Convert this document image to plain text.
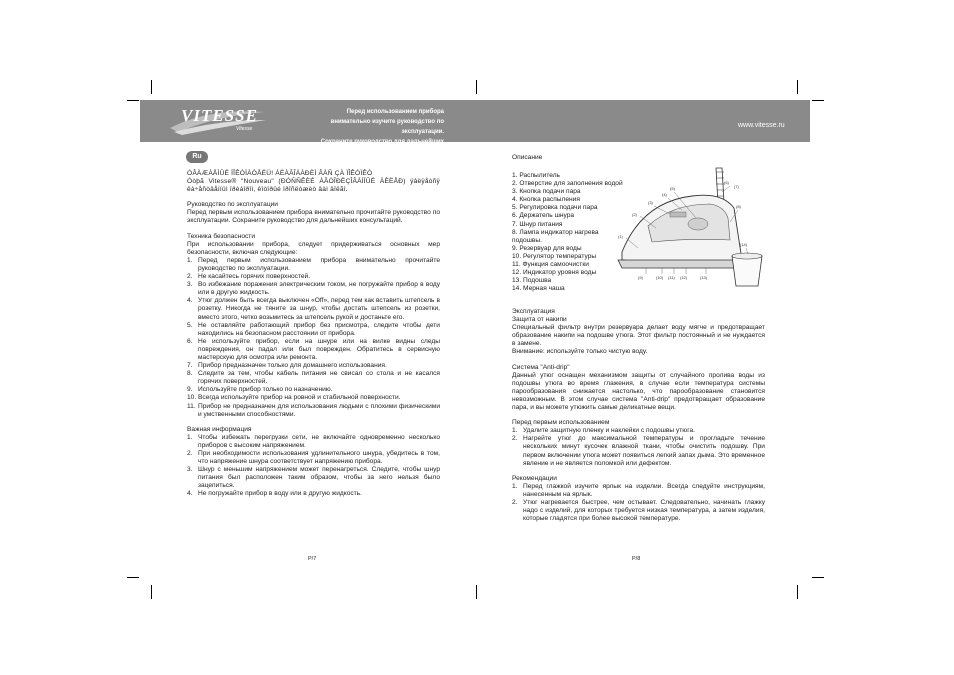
VITESSE
Vitesse
Перед использованием прибора
внимательно изучите руководство по эксплуатации.
Сохраните руководство для дальнейших консультаций!
www.vitesse.ru
Ru

ÓÂÀÆÀÅÌÛÉ ÏÎÊÓÏÀÒÅËÜ! ÁËÀÃÎÄÀÐÈÌ ÂÀÑ ÇÀ ÏÎÊÓÏÊÓ

Óòþã Vitesse® "Nouveau" (ÐÓÑÑÊÈÉ ÀÂÒÎÐÈÇÎÂÀÍÍÛÉ ÄÈËÅÐ) ÿâëÿåòñÿ êà÷åñòâåííûì ïðèáîðîì, êîòîðûé ïðîñëóæèò âàì äîëãî.

Руководство по эксплуатации

Перед первым использованием прибора внимательно прочитайте руководство по эксплуатации. Сохраните руководство для дальнейших консультаций.

Техника безопасности

При использовании прибора, следует придерживаться основных мер безопасности, включая следующие:

1. Перед первым использованием прибора внимательно прочитайте руководство по эксплуатации.
2. Не касайтесь горячих поверхностей.
3. Во избежание поражения электрическим током, не погружайте прибор в воду или в другую жидкость.
4. Утюг должен быть всегда выключен «Off», перед тем как вставить штепсель в розетку. Никогда не тяните за шнур, чтобы достать штепсель из розетки, вместо этого, четко возьмитесь за штепсель рукой и достаньте его.
5. Не оставляйте работающий прибор без присмотра, следите чтобы дети находились на безопасном расстоянии от прибора.
6. Не используйте прибор, если на шнуре или на вилке видны следы повреждения, он падал или был поврежден. Обратитесь в сервисную мастерскую для осмотра или ремонта.
7. Прибор предназначен только для домашнего использования.
8. Следите за тем, чтобы кабель питания не свисал со стола и не касался горячих поверхностей.
9. Используйте прибор только по назначению.
10. Всегда используйте прибор на ровной и стабильной поверхности.
11. Прибор не предназначен для использования людьми с плохими физическими и умственными способностями.

Важная информация

1. Чтобы избежать перегрузки сети, не включайте одновременно несколько приборов с высоким напряжением.
2. При необходимости использования удлинительного шнура, убедитесь в том, что напряжение шнура соответствует напряжению прибора.
3. Шнур с меньшим напряжением может перенагреться. Следите, чтобы шнур питания был расположен таким образом, чтобы за него нельзя было зацепиться.
4. Не погружайте прибор в воду или в другую жидкость.
P/7

Описание

1. Распылитель
2. Отверстие для заполнения водой
3. Кнопка подачи пара
4. Кнопка распыления
5. Регулировка подачи пара
6. Держатель шнура
7. Шнур питания
8. Лампа индикатор нагрева
подошвы.
9. Резервуар для воды
10. Регулятор температуры
11. Функция самоочистки
12. Индикатор уровня воды
13. Подошва
14. Мерная чаша
(1)
(2)
(3)
(4)
(5)
(6)
(7)
(8)
(9)	(10) (11) (12)	(13)
(14)

Эксплуатация

Защита от накипи

Специальный фильтр внутри резервуара делает воду мягче и предотвращает образование накипи на подошве утюга. Этот фильтр постоянный и не нуждается в замене.

Внимание: используйте только чистую воду.

Система "Anti-drip"

Данный утюг оснащен механизмом защиты от случайного пролива воды из подошвы утюга во время глажения, в случае если температура системы парообразования снижается настолько, что парообразование становится невозможным. В этом случае система "Anti-drip" предотвращает образование пара, и вы можете утюжить самые деликатные вещи.

Перед первым использованием

1. Удалите защитную пленку и наклейки с подошвы утюга.
2. Нагрейте утюг до максимальной температуры и прогладьте течение нескольких минут кусочек влажной ткани, чтобы очистить подошву. При первом включении утюга может появиться легкий запах дыма. Это временное явление и не является поломкой или дефектом.

Рекомендации

1. Перед глажкой изучите ярлык на изделии. Всегда следуйте инструкциям, нанесенным на ярлык.
2. Утюг нагревается быстрее, чем остывает. Следовательно, начинать глажку надо с изделий, для которых требуется низкая температура, а затем изделия, которые гладятся при более высокой температуре.
P/8
